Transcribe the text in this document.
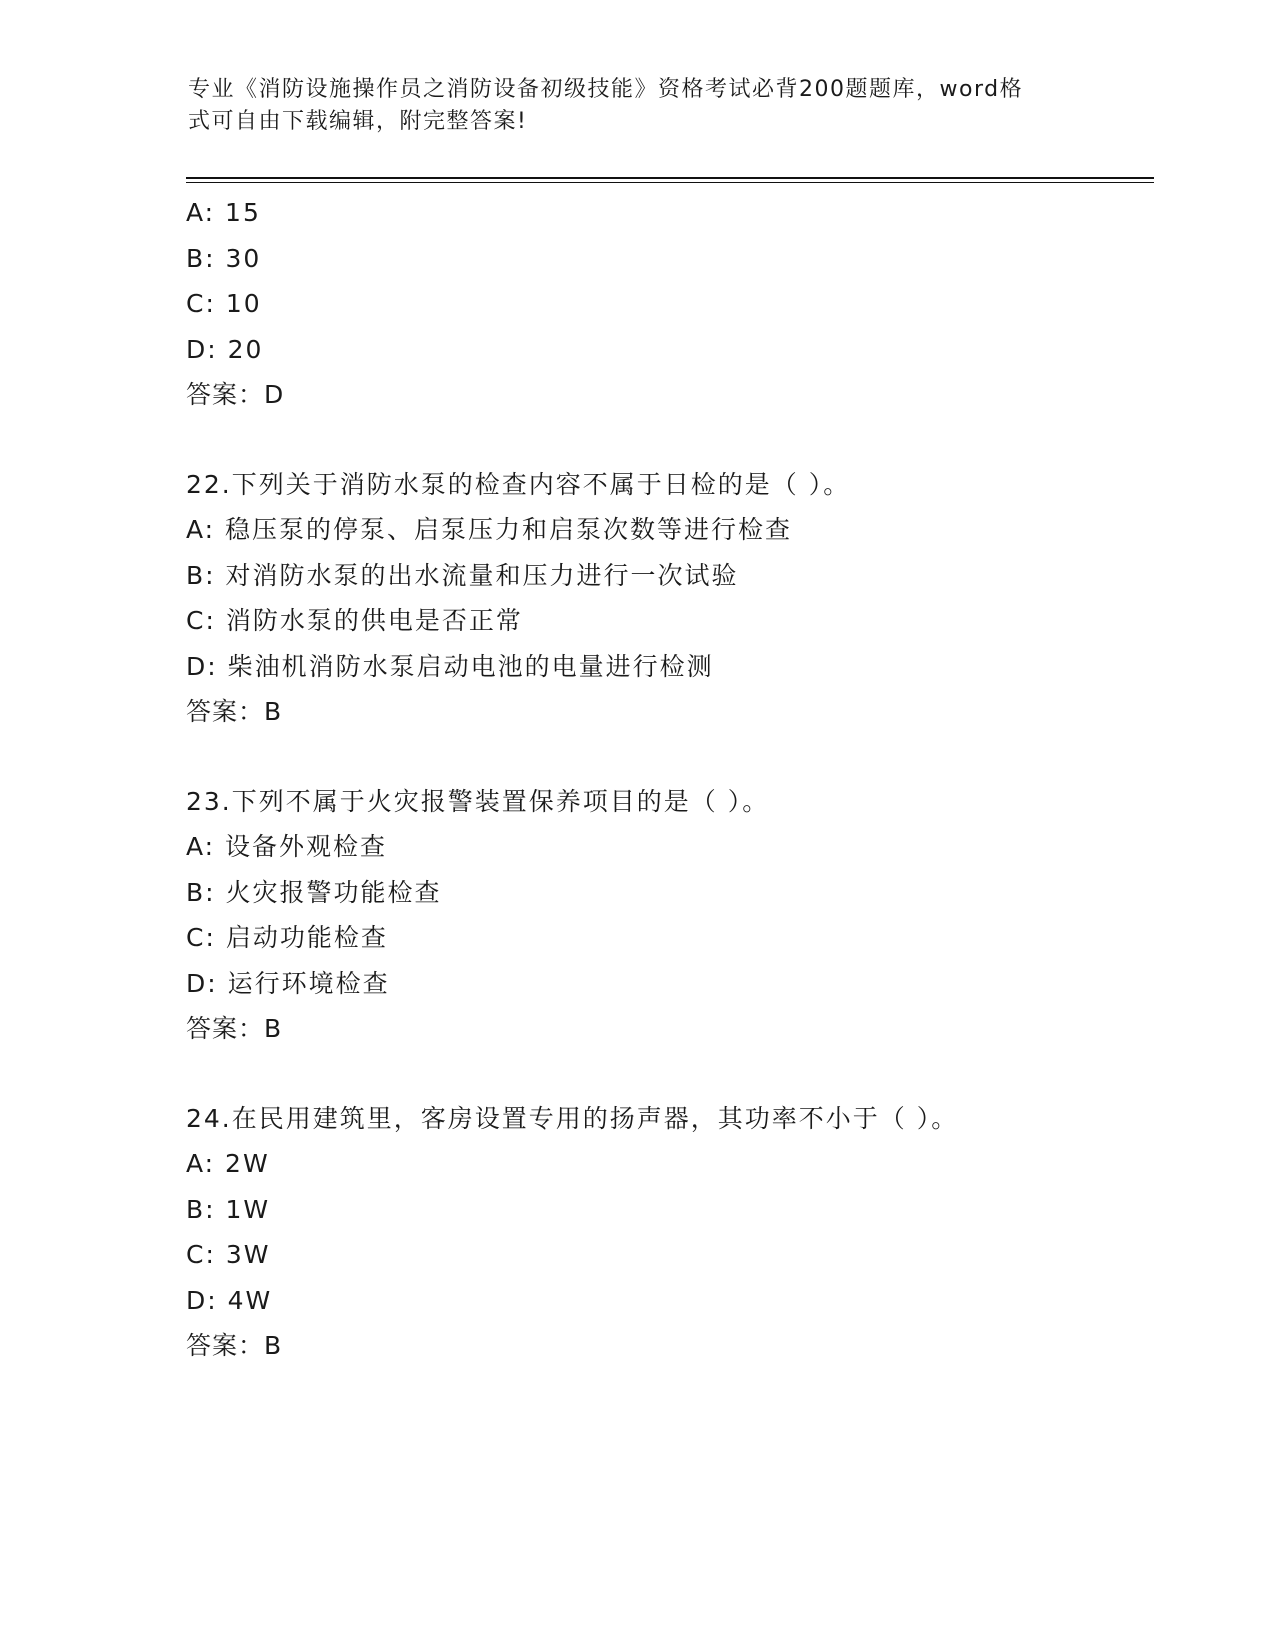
专业《消防设施操作员之消防设备初级技能》资格考试必背200题题库，word格
式可自由下载编辑，附完整答案!
A: 15
B: 30
C: 10
D: 20
答案：D
22.下列关于消防水泵的检查内容不属于日检的是（ ）。
A: 稳压泵的停泵、启泵压力和启泵次数等进行检查
B: 对消防水泵的出水流量和压力进行一次试验
C: 消防水泵的供电是否正常
D: 柴油机消防水泵启动电池的电量进行检测
答案：B
23.下列不属于火灾报警装置保养项目的是（ ）。
A: 设备外观检查
B: 火灾报警功能检查
C: 启动功能检查
D: 运行环境检查
答案：B
24.在民用建筑里，客房设置专用的扬声器，其功率不小于（ ）。
A: 2W
B: 1W
C: 3W
D: 4W
答案：B
